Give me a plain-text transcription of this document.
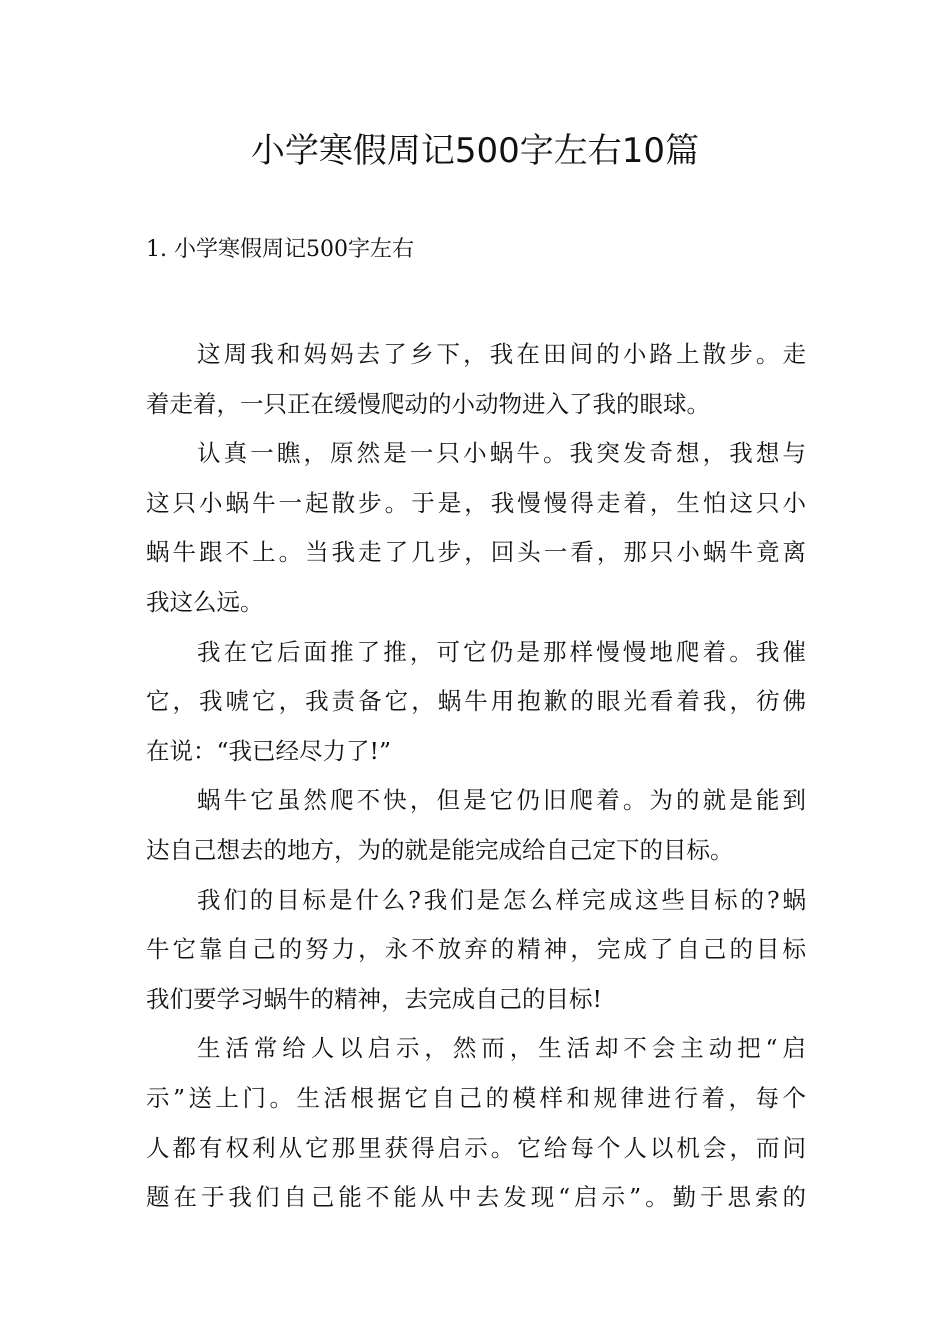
小学寒假周记500字左右10篇
1. 小学寒假周记500字左右
这周我和妈妈去了乡下，我在田间的小路上散步。走
着走着，一只正在缓慢爬动的小动物进入了我的眼球。
认真一瞧，原然是一只小蜗牛。我突发奇想，我想与
这只小蜗牛一起散步。于是，我慢慢得走着，生怕这只小
蜗牛跟不上。当我走了几步，回头一看，那只小蜗牛竟离
我这么远。
我在它后面推了推，可它仍是那样慢慢地爬着。我催
它，我唬它，我责备它，蜗牛用抱歉的眼光看着我，彷佛
在说：“我已经尽力了!”
蜗牛它虽然爬不快，但是它仍旧爬着。为的就是能到
达自己想去的地方，为的就是能完成给自己定下的目标。
我们的目标是什么?我们是怎么样完成这些目标的?蜗
牛它靠自己的努力，永不放弃的精神，完成了自己的目标
我们要学习蜗牛的精神，去完成自己的目标!
生活常给人以启示，然而，生活却不会主动把“启
示”送上门。生活根据它自己的模样和规律进行着，每个
人都有权利从它那里获得启示。它给每个人以机会，而问
题在于我们自己能不能从中去发现“启示”。勤于思索的
